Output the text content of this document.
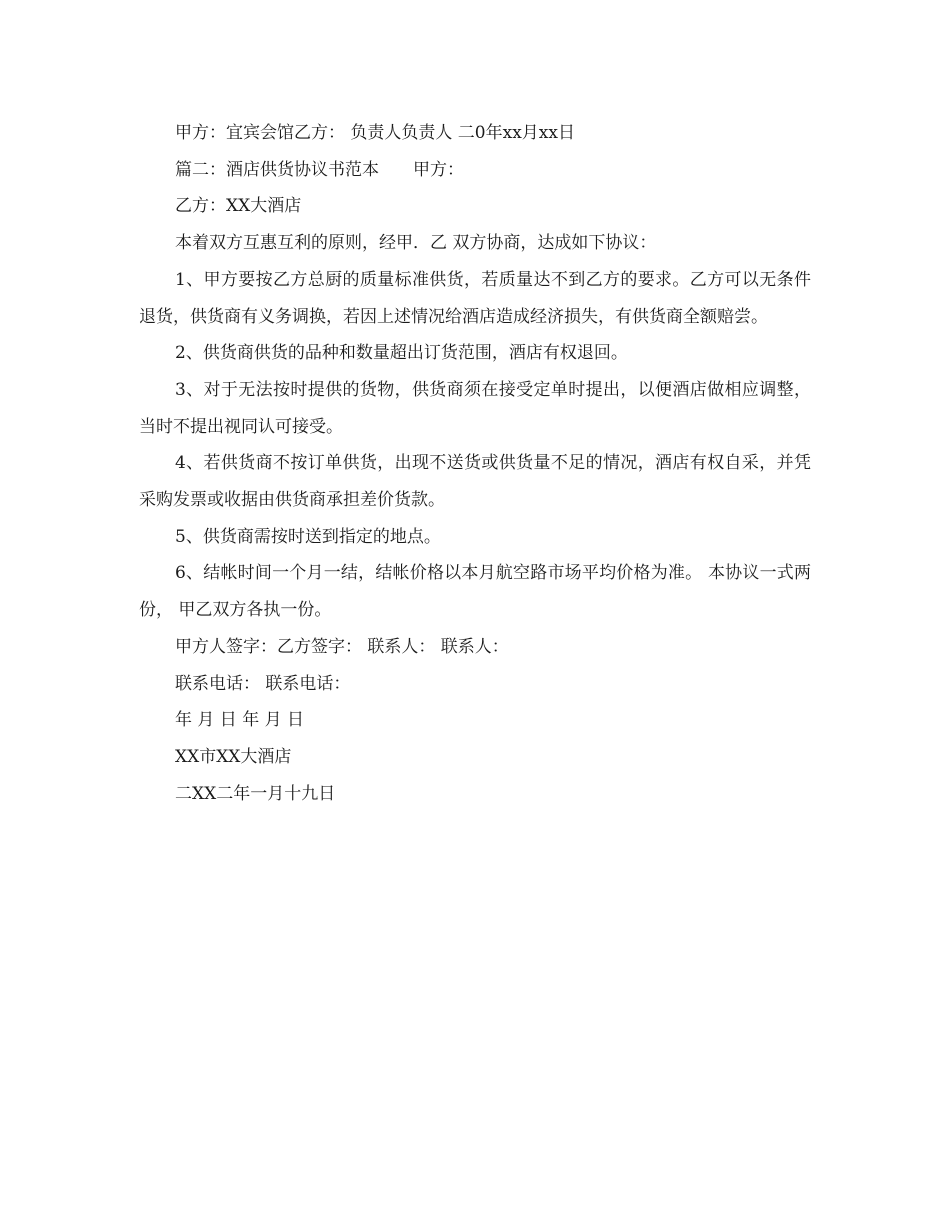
甲方：宜宾会馆乙方： 负责人负责人 二0年xx月xx日

篇二：酒店供货协议书范本　　甲方：

乙方：XX大酒店

本着双方互惠互利的原则，经甲．乙 双方协商，达成如下协议：

1、甲方要按乙方总厨的质量标准供货，若质量达不到乙方的要求。乙方可以无条件退货，供货商有义务调换，若因上述情况给酒店造成经济损失，有供货商全额赔尝。

2、供货商供货的品种和数量超出订货范围，酒店有权退回。

3、对于无法按时提供的货物，供货商须在接受定单时提出，以便酒店做相应调整，当时不提出视同认可接受。

4、若供货商不按订单供货，出现不送货或供货量不足的情况，酒店有权自采，并凭采购发票或收据由供货商承担差价货款。

5、供货商需按时送到指定的地点。

6、结帐时间一个月一结，结帐价格以本月航空路市场平均价格为准。 本协议一式两份， 甲乙双方各执一份。

甲方人签字：乙方签字： 联系人： 联系人：

联系电话： 联系电话：

年 月 日 年 月 日

XX市XX大酒店

二XX二年一月十九日
